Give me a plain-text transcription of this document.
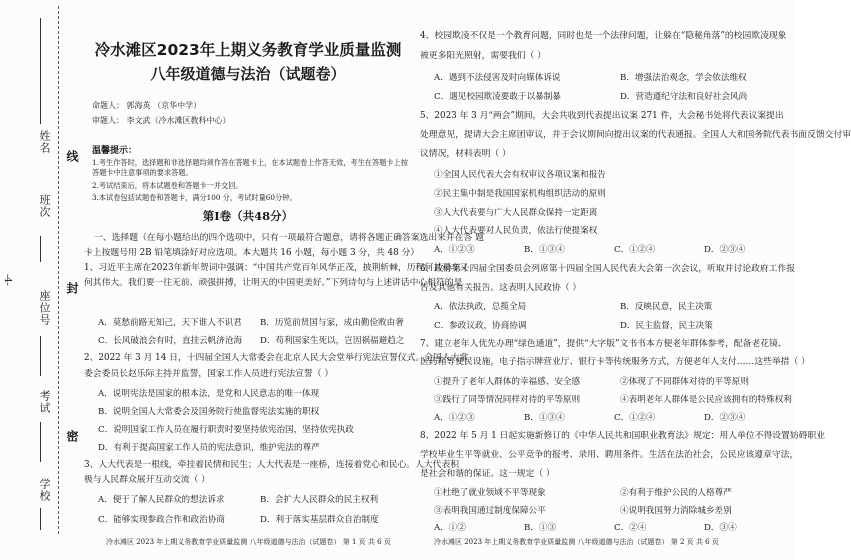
线
封
密
姓名
班次
座位号
考试
学校
-4-
冷水滩区2023年上期义务教育学业质量监测
八年级道德与法治（试题卷）
命题人： 郭海英 （京华中学）
审题人： 李文武（冷水滩区教科中心）
温馨提示：
1.考生作答时，选择题和非选择题均须作答在答题卡上，在本试题卷上作答无效，考生在答题卡上按答题卡中注意事项的要求答题。
2.考试结束后，将本试题卷和答题卡一并交回。
3.本试卷包括试题卷和答题卡，满分100 分，考试时量60分钟。
第Ⅰ卷（共48分）
一、选择题（在每小题给出的四个选项中，只有一项最符合题意，请将各题正确答案选出来并在答 题
卡上按题号用 2B 铅笔填涂好对应选项。本大题共 16 小题，每小题 3 分，共 48 分）
1、习近平主席在2023年新年贺词中强调：“中国共产党百年风华正茂，披荆斩棘，历程何其艰辛又
何其伟大。我们要一往无前、顽强拼搏，让明天的中国更美好。”下列诗句与上述讲话中心相符的是
A．莫愁前路无知己，天下谁人不识君 B．历览前贤国与家，成由勤俭败由奢
C．长风破浪会有时，直挂云帆济沧海 D．苟利国家生死以，岂因祸福避趋之
2、2022 年 3 月 14 日，十四届全国人大常委会在北京人民大会堂举行宪法宣誓仪式。全国人大常
委会委员长赵乐际主持并监誓，国家工作人员进行宪法宣誓（ ）
A．说明宪法是国家的根本法，是党和人民意志的唯一体现
B．说明全国人大常委会及国务院行使监督宪法实施的职权
C．说明国家工作人员在履行职责时要坚持依宪治国，坚持依宪执政
D．有利于提高国家工作人员的宪法意识，维护宪法的尊严
3、人大代表是一根线，牵挂着民情和民生；人大代表是一座桥，连接着党心和民心。人大代表积
极与人民群众展开互动交流（ ）
A．便于了解人民群众的想法诉求	B．会扩大人民群众的民主权利
C．能够实现参政合作和政治协商	D．利于落实基层群众自治制度
冷水滩区 2023 年上期义务教育学业质量监测 八年级道德与法治（试题卷） 第 1 页 共 6 页
4、校园欺凌不仅是一个教育问题，同时也是一个法律问题，让躲在“隐秘角落”的校园欺凌现象
被更多阳光照射，需要我们（ ）
A．遇到不法侵害及时向媒体诉说	B．增强法治观念，学会依法维权
C．遇见校园欺凌要敢于以暴制暴	D．营造遵纪守法和良好社会风尚
5、2023 年 3 月“两会”期间，大会共收到代表提出议案 271 件，大会秘书处将代表议案提出
处理意见，提请大会主席团审议，并于会议期间向提出议案的代表通报。全国人大和国务院代表书面反馈交付审
议情况，材料表明（ ）
①全国人民代表大会有权审议各项议案和报告
②民主集中制是我国国家机构组织活动的原则
③人大代表要与广大人民群众保持一定距离
④人大代表要对人民负责，依法行使提案权
A．①②③	B．①③④	C．①②④	D．②③④
6、政协第十四届全国委员会列席第十四届全国人民代表大会第一次会议，听取并讨论政府工作报
告及其他有关报告。这表明人民政协（ ）
A．依法执政，总揽全局	B．反映民意，民主决策
C．参政议政，协商协调	D．民主监督，民主决策
7、建立老年人优先办理“绿色通道”，提供“大字版”文书书本方便老年群体参考，配备老花镜、
医药箱等便民设施，电子指示牌营业厅、银行卡等传统服务方式，方便老年人支付……这些举措（ ）
①提升了老年人群体的幸福感、安全感	②体现了不同群体对待的平等原则
③践行了同等情况同样对待的平等原则	④表明老年人群体是公民应该拥有的特殊权利
A．①②③	B．①③④	C．①②④	D．②③④
8、2022 年 5 月 1 日起实施新修订的《中华人民共和国职业教育法》规定：用人单位不得设置妨碍职业
学校毕业生平等就业、公平竞争的报考、录用、聘用条件。生活在法治社会，公民应该遵章守法，
是社会和谐的保证。这一规定（ ）
①杜绝了就业领域不平等现象	②有利于维护公民的人格尊严
③表明我国通过制度保障公平	④说明我国努力消除城乡差别
A．①②	B．①③	C．②④	D．③④
冷水滩区 2023 年上期义务教育学业质量监测 八年级道德与法治（试题卷） 第 2 页 共 6 页
